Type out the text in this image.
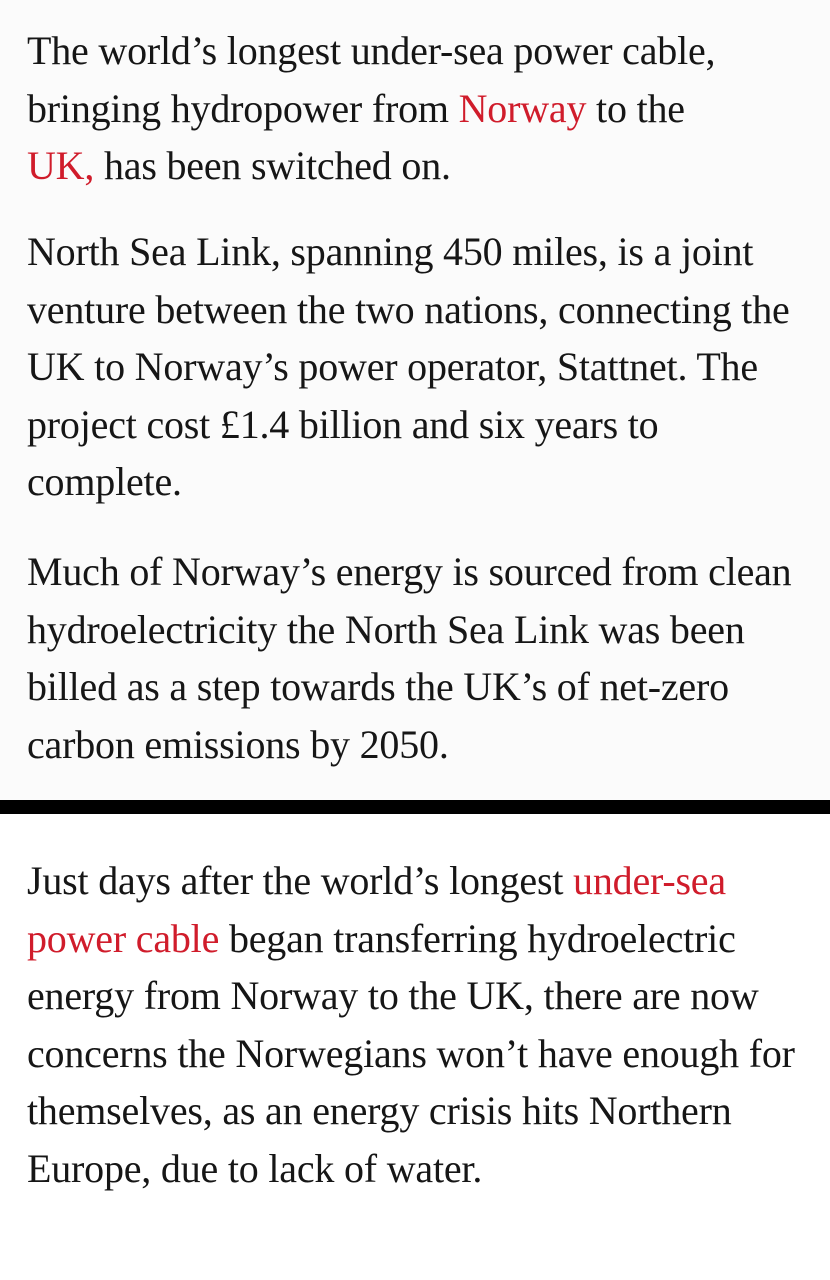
The world’s longest under-sea power cable, bringing hydropower from Norway to the
UK, has been switched on.

North Sea Link, spanning 450 miles, is a joint venture between the two nations, connecting the UK to Norway’s power operator, Stattnet. The project cost £1.4 billion and six years to complete.

Much of Norway’s energy is sourced from clean hydroelectricity the North Sea Link was been billed as a step towards the UK’s of net-zero carbon emissions by 2050.

Just days after the world’s longest under-sea power cable began transferring hydroelectric energy from Norway to the UK, there are now concerns the Norwegians won’t have enough for themselves, as an energy crisis hits Northern Europe, due to lack of water.
